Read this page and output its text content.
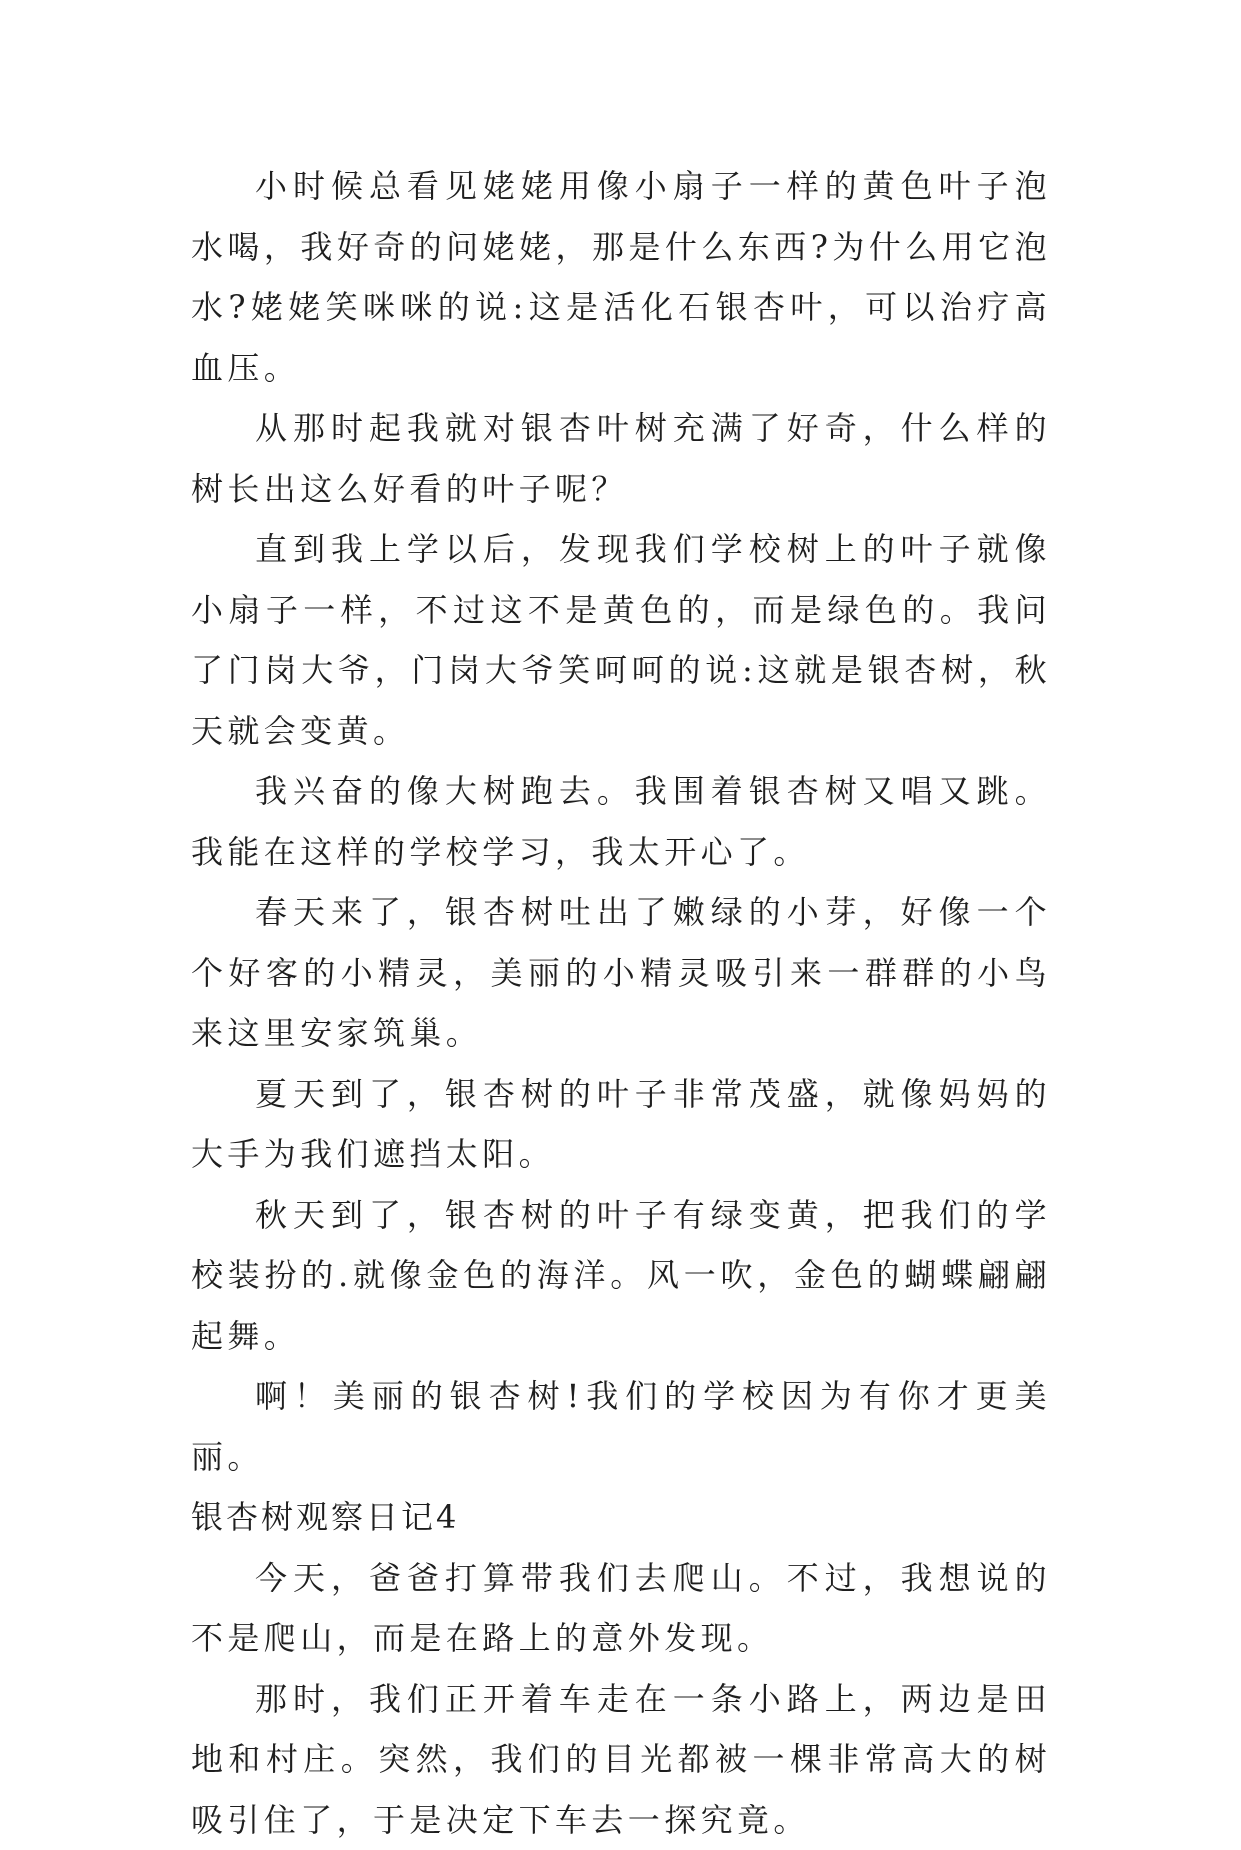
小时候总看见姥姥用像小扇子一样的黄色叶子泡水喝，我好奇的问姥姥，那是什么东西?为什么用它泡水?姥姥笑咪咪的说:这是活化石银杏叶，可以治疗高血压。

从那时起我就对银杏叶树充满了好奇，什么样的树长出这么好看的叶子呢？

直到我上学以后，发现我们学校树上的叶子就像小扇子一样，不过这不是黄色的，而是绿色的。我问了门岗大爷，门岗大爷笑呵呵的说:这就是银杏树，秋天就会变黄。

我兴奋的像大树跑去。我围着银杏树又唱又跳。我能在这样的学校学习，我太开心了。

春天来了，银杏树吐出了嫩绿的小芽，好像一个个好客的小精灵，美丽的小精灵吸引来一群群的小鸟来这里安家筑巢。

夏天到了，银杏树的叶子非常茂盛，就像妈妈的大手为我们遮挡太阳。

秋天到了，银杏树的叶子有绿变黄，把我们的学校装扮的.就像金色的海洋。风一吹，金色的蝴蝶翩翩起舞。

啊！美丽的银杏树!我们的学校因为有你才更美丽。

银杏树观察日记4

今天，爸爸打算带我们去爬山。不过，我想说的不是爬山，而是在路上的意外发现。

那时，我们正开着车走在一条小路上，两边是田地和村庄。突然，我们的目光都被一棵非常高大的树吸引住了，于是决定下车去一探究竟。
